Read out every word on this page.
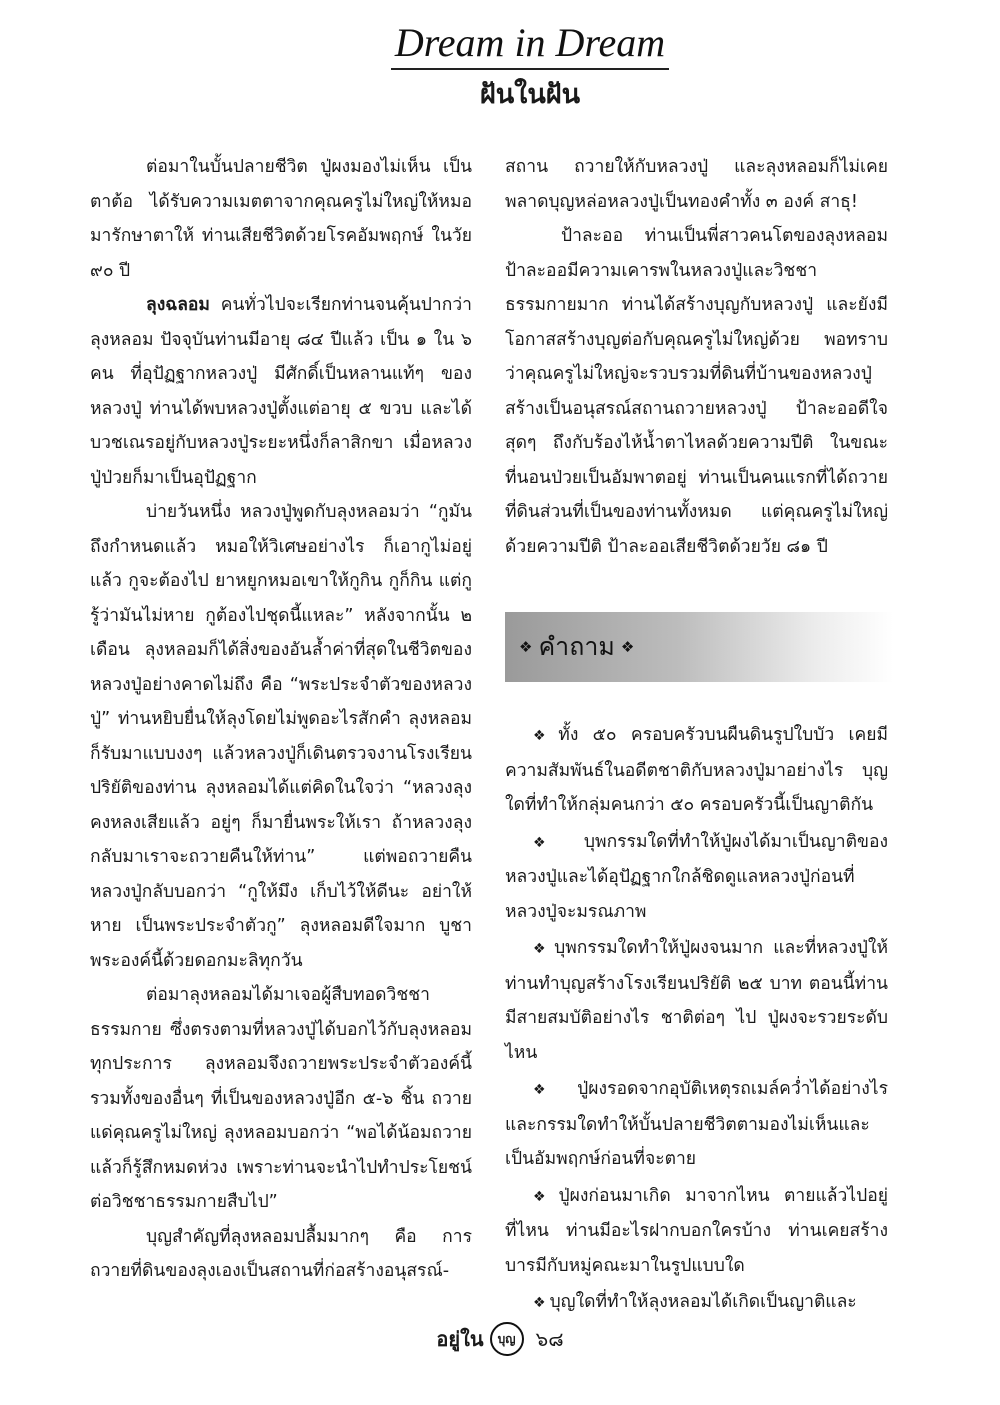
Dream in Dream
ฝันในฝัน

ต่อมาในบั้นปลายชีวิต ปู่ผงมองไม่เห็น เป็นตาต้อ ได้รับความเมตตาจากคุณครูไม่ใหญ่ให้หมอมารักษาตาให้ ท่านเสียชีวิตด้วยโรคอัมพฤกษ์ ในวัย ๙๐ ปี

ลุงฉลอม คนทั่วไปจะเรียกท่านจนคุ้นปากว่า ลุงหลอม ปัจจุบันท่านมีอายุ ๘๔ ปีแล้ว เป็น ๑ ใน ๖ คน ที่อุปัฏฐากหลวงปู่ มีศักดิ์เป็นหลานแท้ๆ ของหลวงปู่ ท่านได้พบหลวงปู่ตั้งแต่อายุ ๕ ขวบ และได้บวชเณรอยู่กับหลวงปู่ระยะหนึ่งก็ลาสิกขา เมื่อหลวงปู่ป่วยก็มาเป็นอุปัฏฐาก

บ่ายวันหนึ่ง หลวงปู่พูดกับลุงหลอมว่า “กูมันถึงกำหนดแล้ว หมอให้วิเศษอย่างไร ก็เอากูไม่อยู่แล้ว กูจะต้องไป ยาหยูกหมอเขาให้กูกิน กูก็กิน แต่กูรู้ว่ามันไม่หาย กูต้องไปชุดนี้แหละ” หลังจากนั้น ๒ เดือน ลุงหลอมก็ได้สิ่งของอันล้ำค่าที่สุดในชีวิตของหลวงปู่อย่างคาดไม่ถึง คือ “พระประจำตัวของหลวงปู่” ท่านหยิบยื่นให้ลุงโดยไม่พูดอะไรสักคำ ลุงหลอมก็รับมาแบบงงๆ แล้วหลวงปู่ก็เดินตรวจงานโรงเรียนปริยัติของท่าน ลุงหลอมได้แต่คิดในใจว่า “หลวงลุงคงหลงเสียแล้ว อยู่ๆ ก็มายื่นพระให้เรา ถ้าหลวงลุงกลับมาเราจะถวายคืนให้ท่าน” แต่พอถวายคืน หลวงปู่กลับบอกว่า “กูให้มึง เก็บไว้ให้ดีนะ อย่าให้หาย เป็นพระประจำตัวกู” ลุงหลอมดีใจมาก บูชาพระองค์นี้ด้วยดอกมะลิทุกวัน

ต่อมาลุงหลอมได้มาเจอผู้สืบทอดวิชชาธรรมกาย ซึ่งตรงตามที่หลวงปู่ได้บอกไว้กับลุงหลอมทุกประการ ลุงหลอมจึงถวายพระประจำตัวองค์นี้รวมทั้งของอื่นๆ ที่เป็นของหลวงปู่อีก ๕-๖ ชิ้น ถวายแด่คุณครูไม่ใหญ่ ลุงหลอมบอกว่า “พอได้น้อมถวายแล้วก็รู้สึกหมดห่วง เพราะท่านจะนำไปทำประโยชน์ต่อวิชชาธรรมกายสืบไป”

บุญสำคัญที่ลุงหลอมปลื้มมากๆ คือ การถวายที่ดินของลุงเองเป็นสถานที่ก่อสร้างอนุสรณ์-

สถาน ถวายให้กับหลวงปู่ และลุงหลอมก็ไม่เคยพลาดบุญหล่อหลวงปู่เป็นทองคำทั้ง ๓ องค์ สาธุ!

ป้าละออ ท่านเป็นพี่สาวคนโตของลุงหลอม ป้าละออมีความเคารพในหลวงปู่และวิชชาธรรมกายมาก ท่านได้สร้างบุญกับหลวงปู่ และยังมีโอกาสสร้างบุญต่อกับคุณครูไม่ใหญ่ด้วย พอทราบว่าคุณครูไม่ใหญ่จะรวบรวมที่ดินที่บ้านของหลวงปู่สร้างเป็นอนุสรณ์สถานถวายหลวงปู่ ป้าละออดีใจสุดๆ ถึงกับร้องไห้น้ำตาไหลด้วยความปีติ ในขณะที่นอนป่วยเป็นอัมพาตอยู่ ท่านเป็นคนแรกที่ได้ถวายที่ดินส่วนที่เป็นของท่านทั้งหมด แต่คุณครูไม่ใหญ่ด้วยความปีติ ป้าละออเสียชีวิตด้วยวัย ๘๑ ปี

❖ คำถาม ❖

❖ ทั้ง ๕๐ ครอบครัวบนผืนดินรูปใบบัว เคยมีความสัมพันธ์ในอดีตชาติกับหลวงปู่มาอย่างไร บุญใดที่ทำให้กลุ่มคนกว่า ๕๐ ครอบครัวนี้เป็นญาติกัน

❖ บุพกรรมใดที่ทำให้ปู่ผงได้มาเป็นญาติของหลวงปู่และได้อุปัฏฐากใกล้ชิดดูแลหลวงปู่ก่อนที่หลวงปู่จะมรณภาพ

❖ บุพกรรมใดทำให้ปู่ผงจนมาก และที่หลวงปู่ให้ท่านทำบุญสร้างโรงเรียนปริยัติ ๒๕ บาท ตอนนี้ท่านมีสายสมบัติอย่างไร ชาติต่อๆ ไป ปู่ผงจะรวยระดับไหน

❖ ปู่ผงรอดจากอุบัติเหตุรถเมล์คว่ำได้อย่างไร และกรรมใดทำให้บั้นปลายชีวิตตามองไม่เห็นและเป็นอัมพฤกษ์ก่อนที่จะตาย

❖ ปู่ผงก่อนมาเกิด มาจากไหน ตายแล้วไปอยู่ที่ไหน ท่านมีอะไรฝากบอกใครบ้าง ท่านเคยสร้างบารมีกับหมู่คณะมาในรูปแบบใด

❖ บุญใดที่ทำให้ลุงหลอมได้เกิดเป็นญาติและ

อยู่ใน	บุญ	๖๘
